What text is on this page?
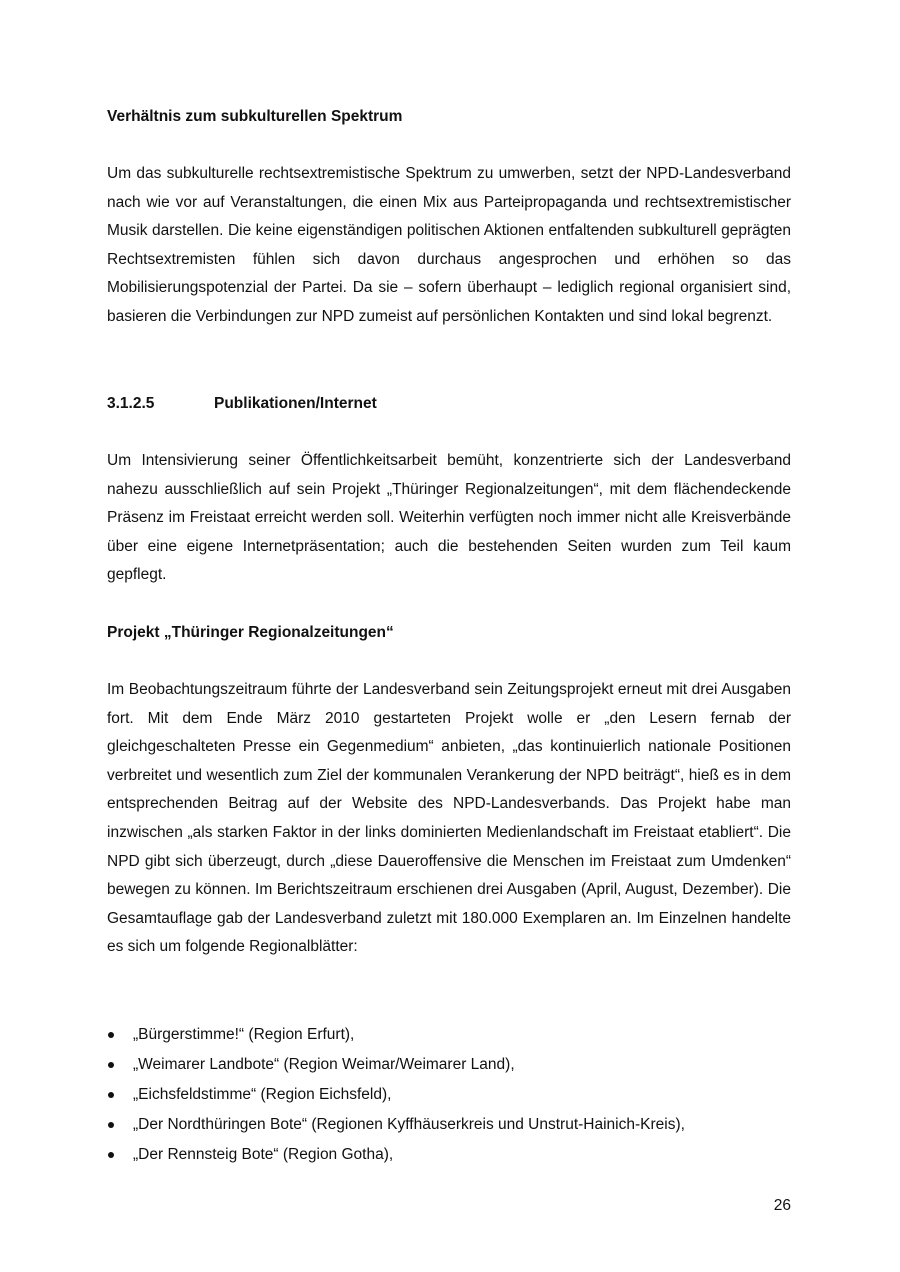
Verhältnis zum subkulturellen Spektrum

Um das subkulturelle rechtsextremistische Spektrum zu umwerben, setzt der NPD-Landesverband nach wie vor auf Veranstaltungen, die einen Mix aus Parteipropaganda und rechtsextremistischer Musik darstellen. Die keine eigenständigen politischen Aktionen entfaltenden subkulturell geprägten Rechtsextremisten fühlen sich davon durchaus angesprochen und erhöhen so das Mobilisierungspotenzial der Partei. Da sie – sofern überhaupt – lediglich regional organisiert sind, basieren die Verbindungen zur NPD zumeist auf persönlichen Kontakten und sind lokal begrenzt.

3.1.2.5	Publikationen/Internet

Um Intensivierung seiner Öffentlichkeitsarbeit bemüht, konzentrierte sich der Landesverband nahezu ausschließlich auf sein Projekt „Thüringer Regionalzeitungen“, mit dem flächendeckende Präsenz im Freistaat erreicht werden soll. Weiterhin verfügten noch immer nicht alle Kreisverbände über eine eigene Internetpräsentation; auch die bestehenden Seiten wurden zum Teil kaum gepflegt.

Projekt „Thüringer Regionalzeitungen“

Im Beobachtungszeitraum führte der Landesverband sein Zeitungsprojekt erneut mit drei Ausgaben fort. Mit dem Ende März 2010 gestarteten Projekt wolle er „den Lesern fernab der gleichgeschalteten Presse ein Gegenmedium“ anbieten, „das kontinuierlich nationale Positionen verbreitet und wesentlich zum Ziel der kommunalen Verankerung der NPD beiträgt“, hieß es in dem entsprechenden Beitrag auf der Website des NPD-Landesverbands. Das Projekt habe man inzwischen „als starken Faktor in der links dominierten Medienlandschaft im Freistaat etabliert“. Die NPD gibt sich überzeugt, durch „diese Daueroffensive die Menschen im Freistaat zum Umdenken“ bewegen zu können. Im Berichtszeitraum erschienen drei Ausgaben (April, August, Dezember). Die Gesamtauflage gab der Landesverband zuletzt mit 180.000 Exemplaren an. Im Einzelnen handelte es sich um folgende Regionalblätter:

„Bürgerstimme!“ (Region Erfurt),
„Weimarer Landbote“ (Region Weimar/Weimarer Land),
„Eichsfeldstimme“ (Region Eichsfeld),
„Der Nordthüringen Bote“ (Regionen Kyffhäuserkreis und Unstrut-Hainich-Kreis),
„Der Rennsteig Bote“ (Region Gotha),
26
